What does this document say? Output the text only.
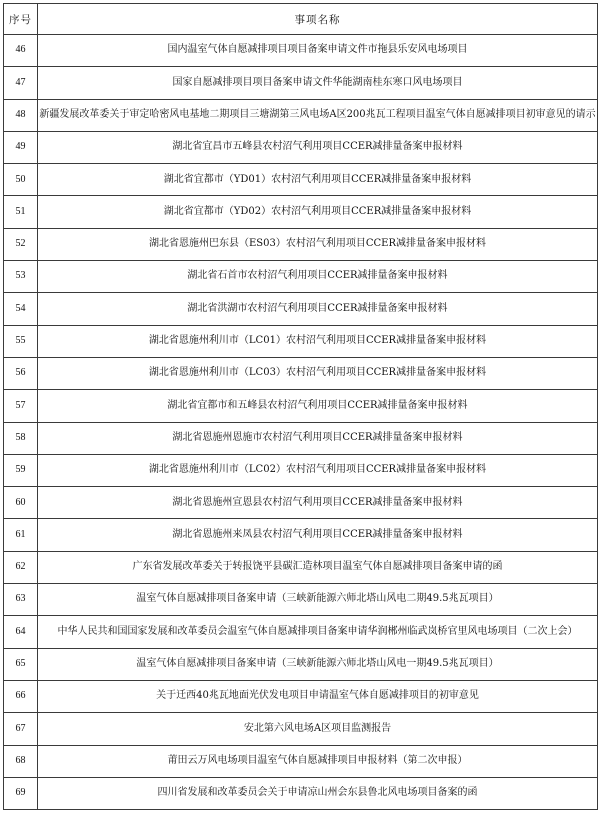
序号	事项名称
46	国内温室气体自愿减排项目项目备案申请文件市拖县乐安风电场项目
47	国家自愿减排项目项目备案申请文件华能湖南桂东寒口风电场项目
48	新疆发展改革委关于审定哈密风电基地二期项目三塘湖第三风电场A区200兆瓦工程项目温室气体自愿减排项目初审意见的请示
49	湖北省宜昌市五峰县农村沼气利用项目CCER减排量备案申报材料
50	湖北省宜都市（YD01）农村沼气利用项目CCER减排量备案申报材料
51	湖北省宜都市（YD02）农村沼气利用项目CCER减排量备案申报材料
52	湖北省恩施州巴东县（ES03）农村沼气利用项目CCER减排量备案申报材料
53	湖北省石首市农村沼气利用项目CCER减排量备案申报材料
54	湖北省洪湖市农村沼气利用项目CCER减排量备案申报材料
55	湖北省恩施州利川市（LC01）农村沼气利用项目CCER减排量备案申报材料
56	湖北省恩施州利川市（LC03）农村沼气利用项目CCER减排量备案申报材料
57	湖北省宜都市和五峰县农村沼气利用项目CCER减排量备案申报材料
58	湖北省恩施州恩施市农村沼气利用项目CCER减排量备案申报材料
59	湖北省恩施州利川市（LC02）农村沼气利用项目CCER减排量备案申报材料
60	湖北省恩施州宣恩县农村沼气利用项目CCER减排量备案申报材料
61	湖北省恩施州来凤县农村沼气利用项目CCER减排量备案申报材料
62	广东省发展改革委关于转报饶平县碳汇造林项目温室气体自愿减排项目备案申请的函
63	温室气体自愿减排项目备案申请（三峡新能源六师北塔山风电二期49.5兆瓦项目）
64	中华人民共和国国家发展和改革委员会温室气体自愿减排项目备案申请华润郴州临武岚桥官里风电场项目（二次上会）
65	温室气体自愿减排项目备案申请（三峡新能源六师北塔山风电一期49.5兆瓦项目）
66	关于迁西40兆瓦地面光伏发电项目申请温室气体自愿减排项目的初审意见
67	安北第六风电场A区项目监测报告
68	莆田云万风电场项目温室气体自愿减排项目申报材料（第二次申报）
69	四川省发展和改革委员会关于申请凉山州会东县鲁北风电场项目备案的函
